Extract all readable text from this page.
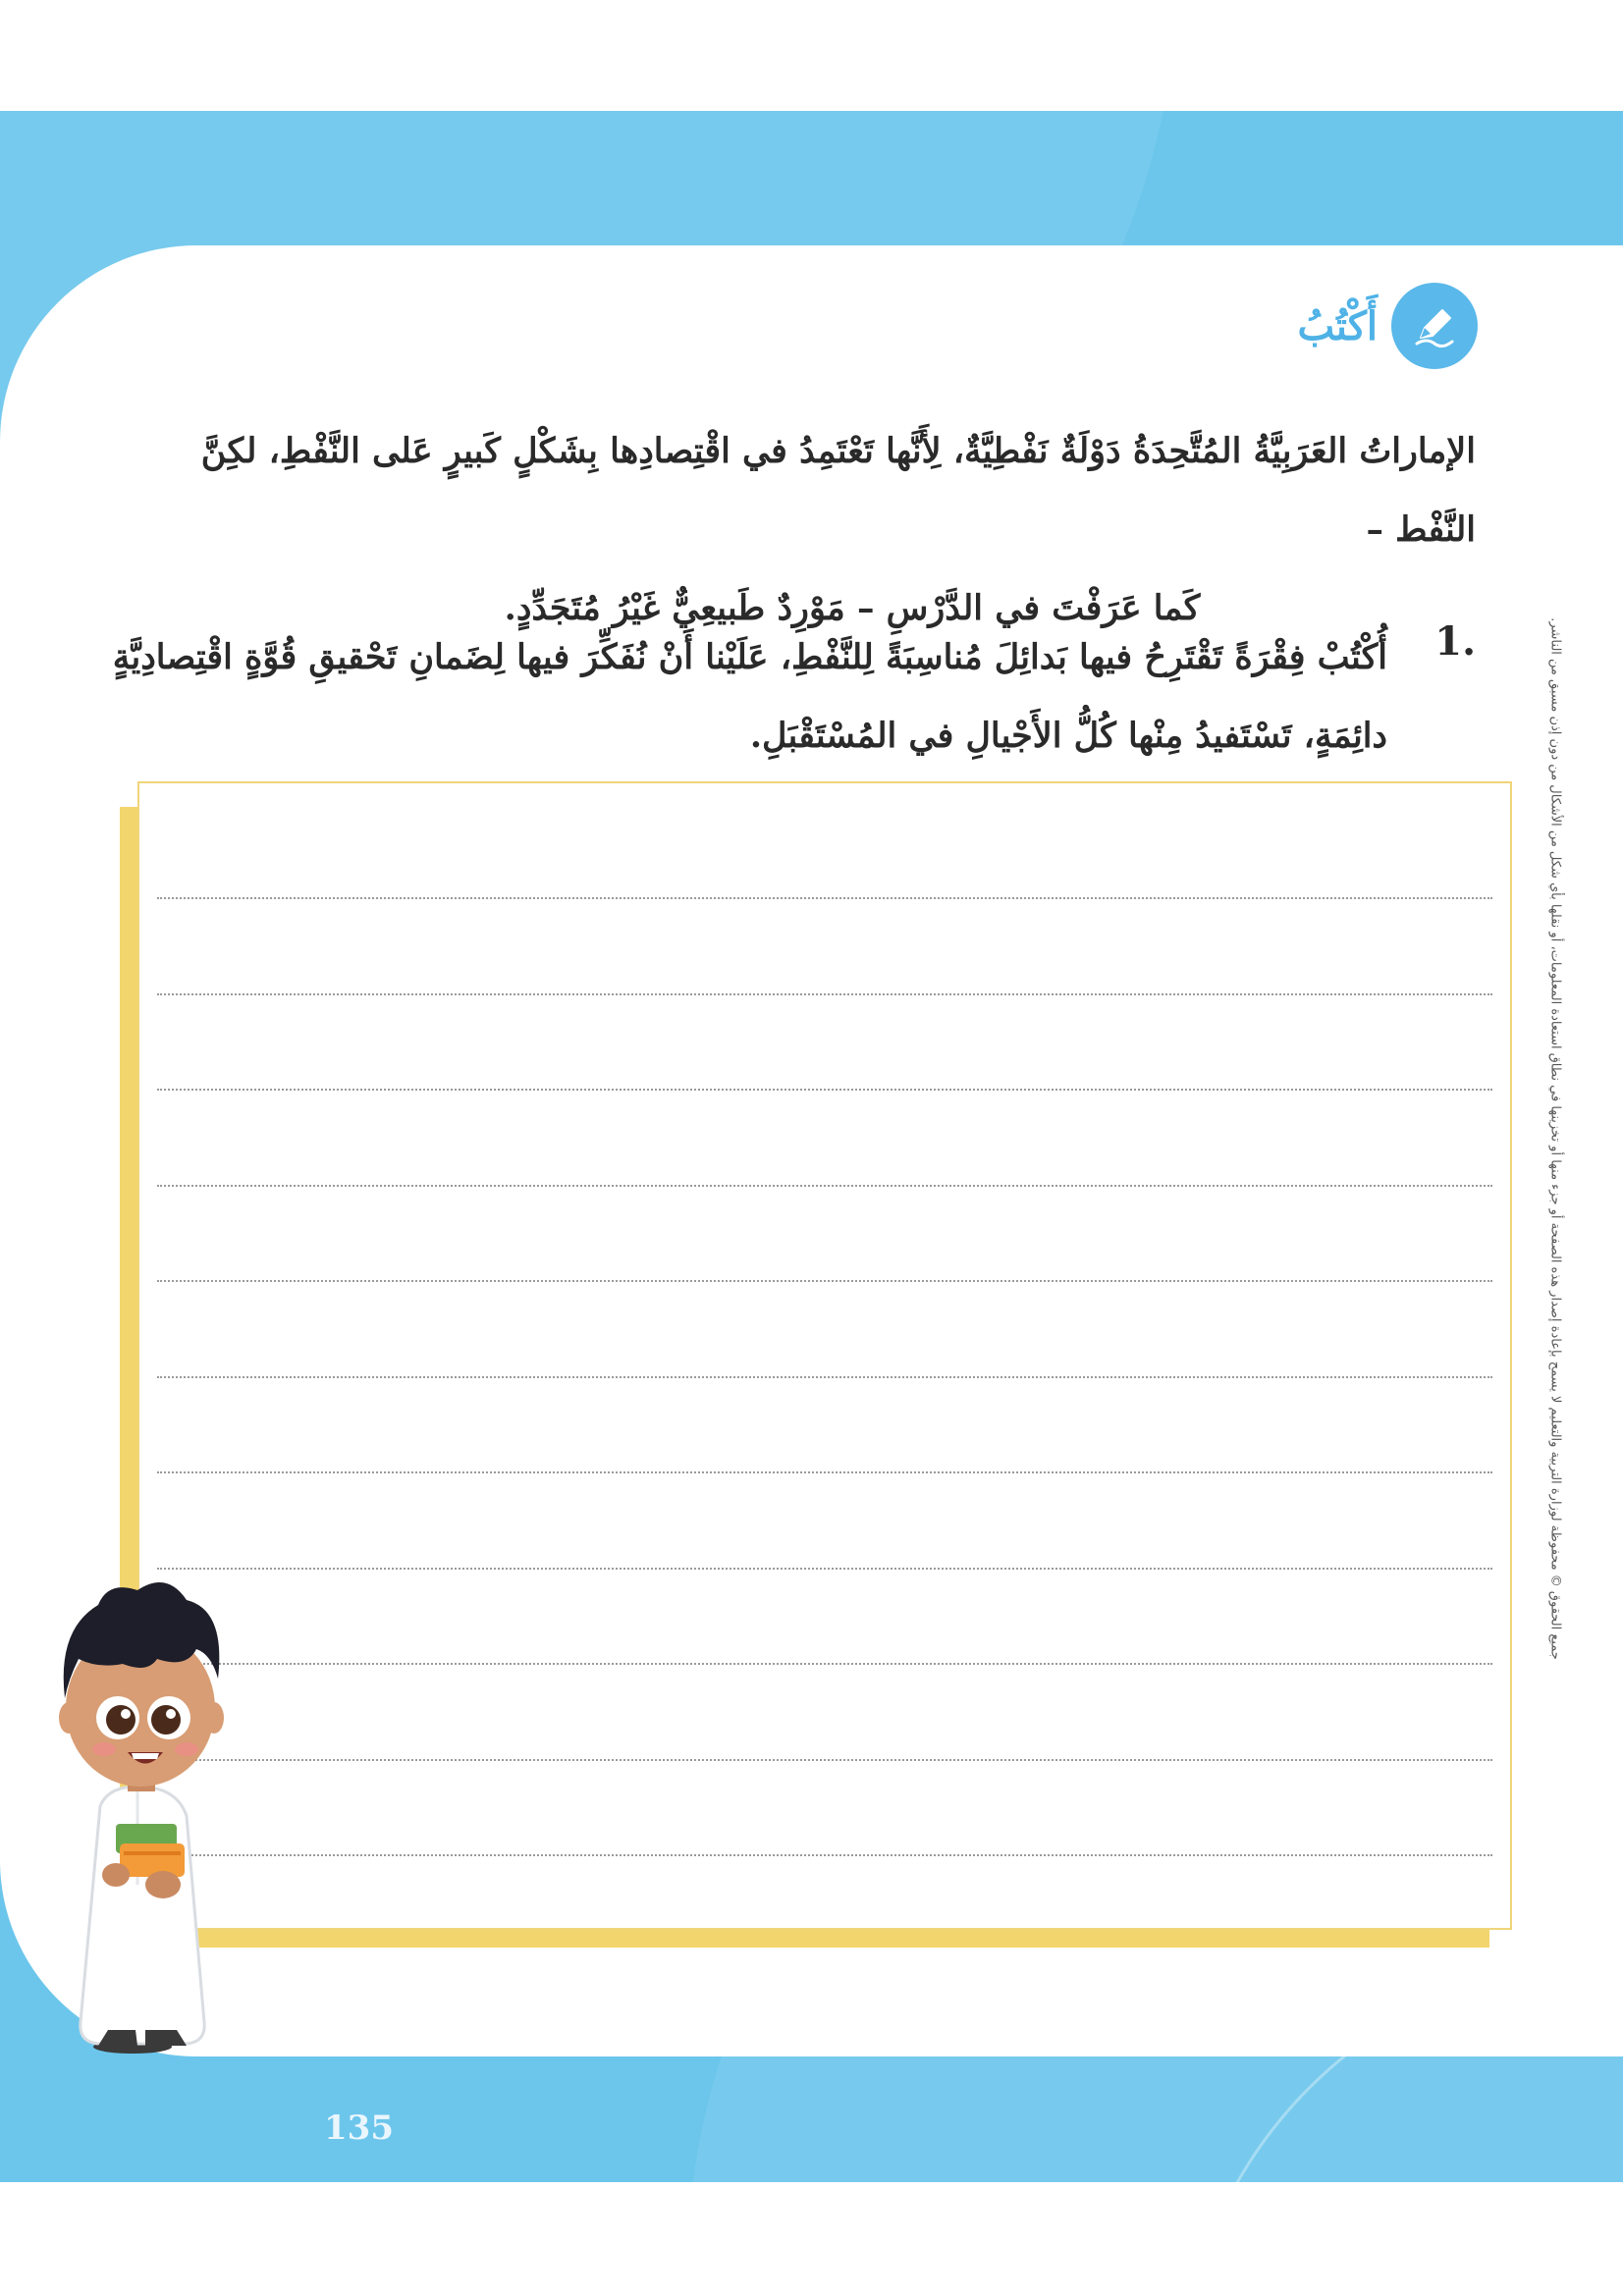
أَكْتُبُ

الإماراتُ العَرَبِيَّةُ المُتَّحِدَةُ دَوْلَةٌ نَفْطِيَّةٌ، لِأَنَّها تَعْتَمِدُ في اقْتِصادِها بِشَكْلٍ كَبيرٍ عَلى النَّفْطِ، لكِنَّ النَّفْط –

كَما عَرَفْتَ في الدَّرْسِ – مَوْرِدٌ طَبيعِيٌّ غَيْرُ مُتَجَدِّدٍ.

1.

أُكْتُبْ فِقْرَةً تَقْتَرِحُ فيها بَدائِلَ مُناسِبَةً لِلنَّفْطِ، عَلَيْنا أَنْ نُفَكِّرَ فيها لِضَمانِ تَحْقيقِ قُوَّةٍ اقْتِصادِيَّةٍ

دائِمَةٍ، تَسْتَفيدُ مِنْها كُلُّ الأَجْيالِ في المُسْتَقْبَلِ.	جميع الحقوق © محفوظة لوزارة التربية والتعليم لا يسمح بإعادة إصدار هذه الصفحة أو جزء منها أو تخزينها في نطاق استعادة المعلومات، أو نقلها بأي شكل من الأشكال من دون إذن مسبق من الناشر.
135
